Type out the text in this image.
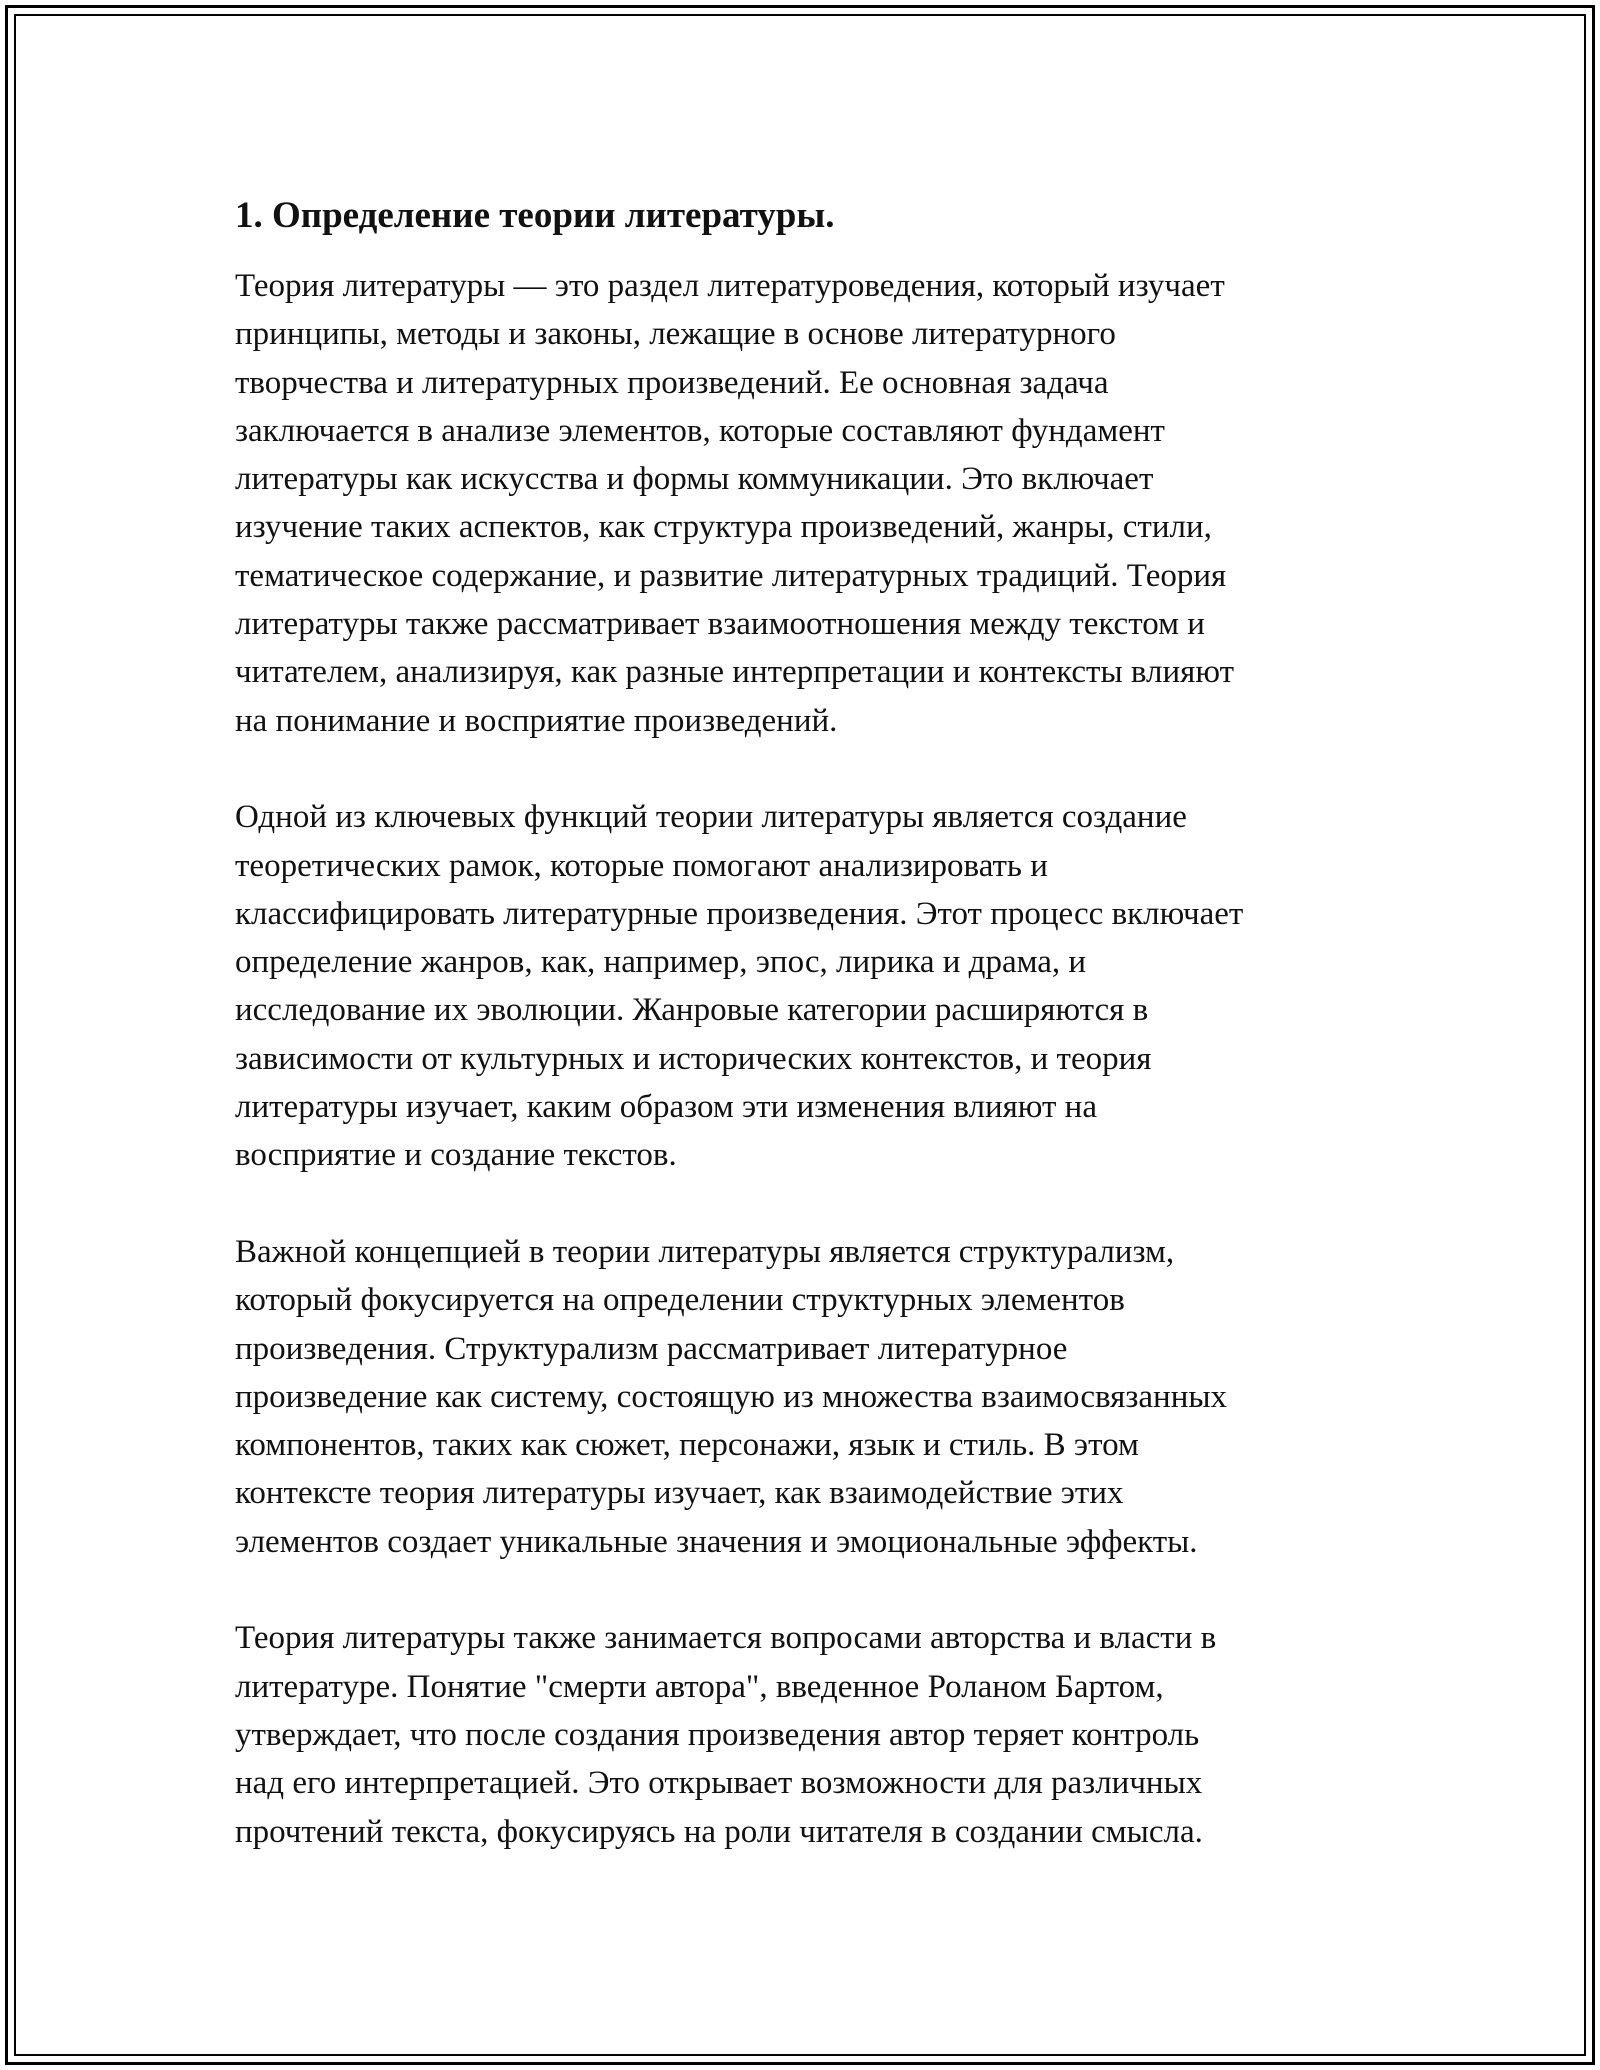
1. Определение теории литературы.
Теория литературы — это раздел литературоведения, который изучает
принципы, методы и законы, лежащие в основе литературного
творчества и литературных произведений. Ее основная задача
заключается в анализе элементов, которые составляют фундамент
литературы как искусства и формы коммуникации. Это включает
изучение таких аспектов, как структура произведений, жанры, стили,
тематическое содержание, и развитие литературных традиций. Теория
литературы также рассматривает взаимоотношения между текстом и
читателем, анализируя, как разные интерпретации и контексты влияют
на понимание и восприятие произведений.
Одной из ключевых функций теории литературы является создание
теоретических рамок, которые помогают анализировать и
классифицировать литературные произведения. Этот процесс включает
определение жанров, как, например, эпос, лирика и драма, и
исследование их эволюции. Жанровые категории расширяются в
зависимости от культурных и исторических контекстов, и теория
литературы изучает, каким образом эти изменения влияют на
восприятие и создание текстов.
Важной концепцией в теории литературы является структурализм,
который фокусируется на определении структурных элементов
произведения. Структурализм рассматривает литературное
произведение как систему, состоящую из множества взаимосвязанных
компонентов, таких как сюжет, персонажи, язык и стиль. В этом
контексте теория литературы изучает, как взаимодействие этих
элементов создает уникальные значения и эмоциональные эффекты.
Теория литературы также занимается вопросами авторства и власти в
литературе. Понятие "смерти автора", введенное Роланом Бартом,
утверждает, что после создания произведения автор теряет контроль
над его интерпретацией. Это открывает возможности для различных
прочтений текста, фокусируясь на роли читателя в создании смысла.
